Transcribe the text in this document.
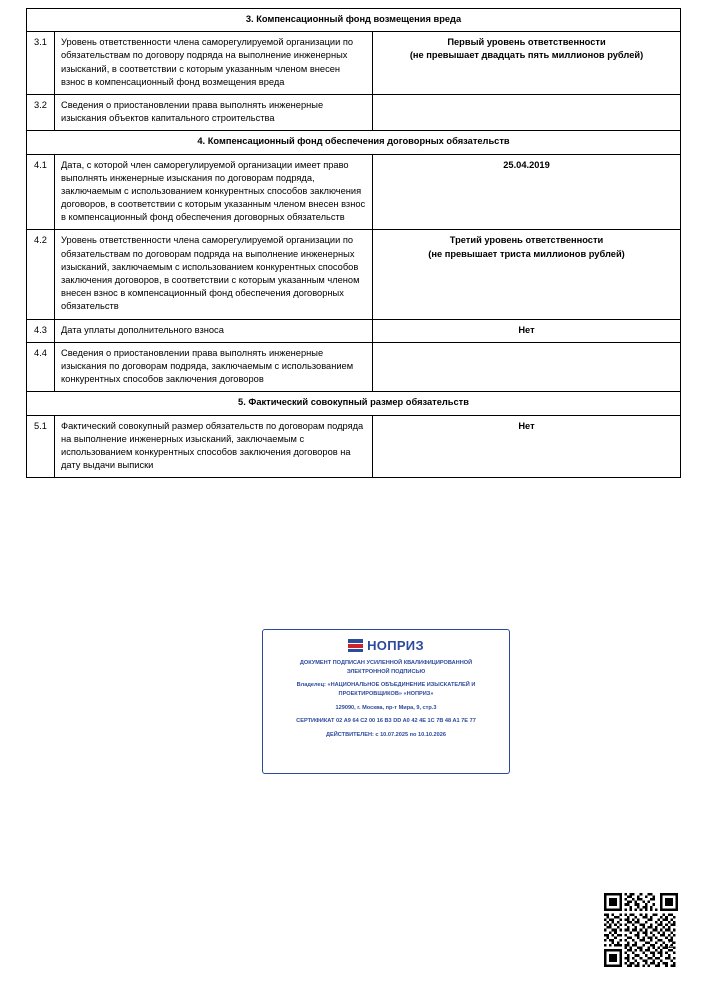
3. Компенсационный фонд возмещения вреда		
3.1	Уровень ответственности члена саморегулируемой организации по обязательствам по договору подряда на выполнение инженерных изысканий, в соответствии с которым указанным членом внесен взнос в компенсационный фонд возмещения вреда	Первый уровень ответственности
(не превышает двадцать пять миллионов рублей)

3.2	Сведения о приостановлении права выполнять инженерные изыскания объектов капитального строительства	
4. Компенсационный фонд обеспечения договорных обязательств		
4.1	Дата, с которой член саморегулируемой организации имеет право выполнять инженерные изыскания по договорам подряда, заключаемым с использованием конкурентных способов заключения договоров, в соответствии с которым указанным членом внесен взнос в компенсационный фонд обеспечения договорных обязательств	25.04.2019

4.2	Уровень ответственности члена саморегулируемой организации по обязательствам по договорам подряда на выполнение инженерных изысканий, заключаемым с использованием конкурентных способов заключения договоров, в соответствии с которым указанным членом внесен взнос в компенсационный фонд обеспечения договорных обязательств	Третий уровень ответственности
(не превышает триста миллионов рублей)

4.3	Дата уплаты дополнительного взноса	Нет

4.4	Сведения о приостановлении права выполнять инженерные изыскания по договорам подряда, заключаемым с использованием конкурентных способов заключения договоров	
5. Фактический совокупный размер обязательств		
5.1	Фактический совокупный размер обязательств по договорам подряда на выполнение инженерных изысканий, заключаемым с использованием конкурентных способов заключения договоров на дату выдачи выписки	Нет
НОПРИЗ
ДОКУМЕНТ ПОДПИСАН УСИЛЕННОЙ КВАЛИФИЦИРОВАННОЙ
ЭЛЕКТРОННОЙ ПОДПИСЬЮ
Владелец: «НАЦИОНАЛЬНОЕ ОБЪЕДИНЕНИЕ ИЗЫСКАТЕЛЕЙ И
ПРОЕКТИРОВЩИКОВ» «НОПРИЗ»
129090, г. Москва, пр-т Мира, 9, стр.3
СЕРТИФИКАТ 02 A9 64 C2 00 16 B3 DD A0 42 4E 1C 7B 48 A1 7E 77
ДЕЙСТВИТЕЛЕН: с 10.07.2025 по 10.10.2026
2
